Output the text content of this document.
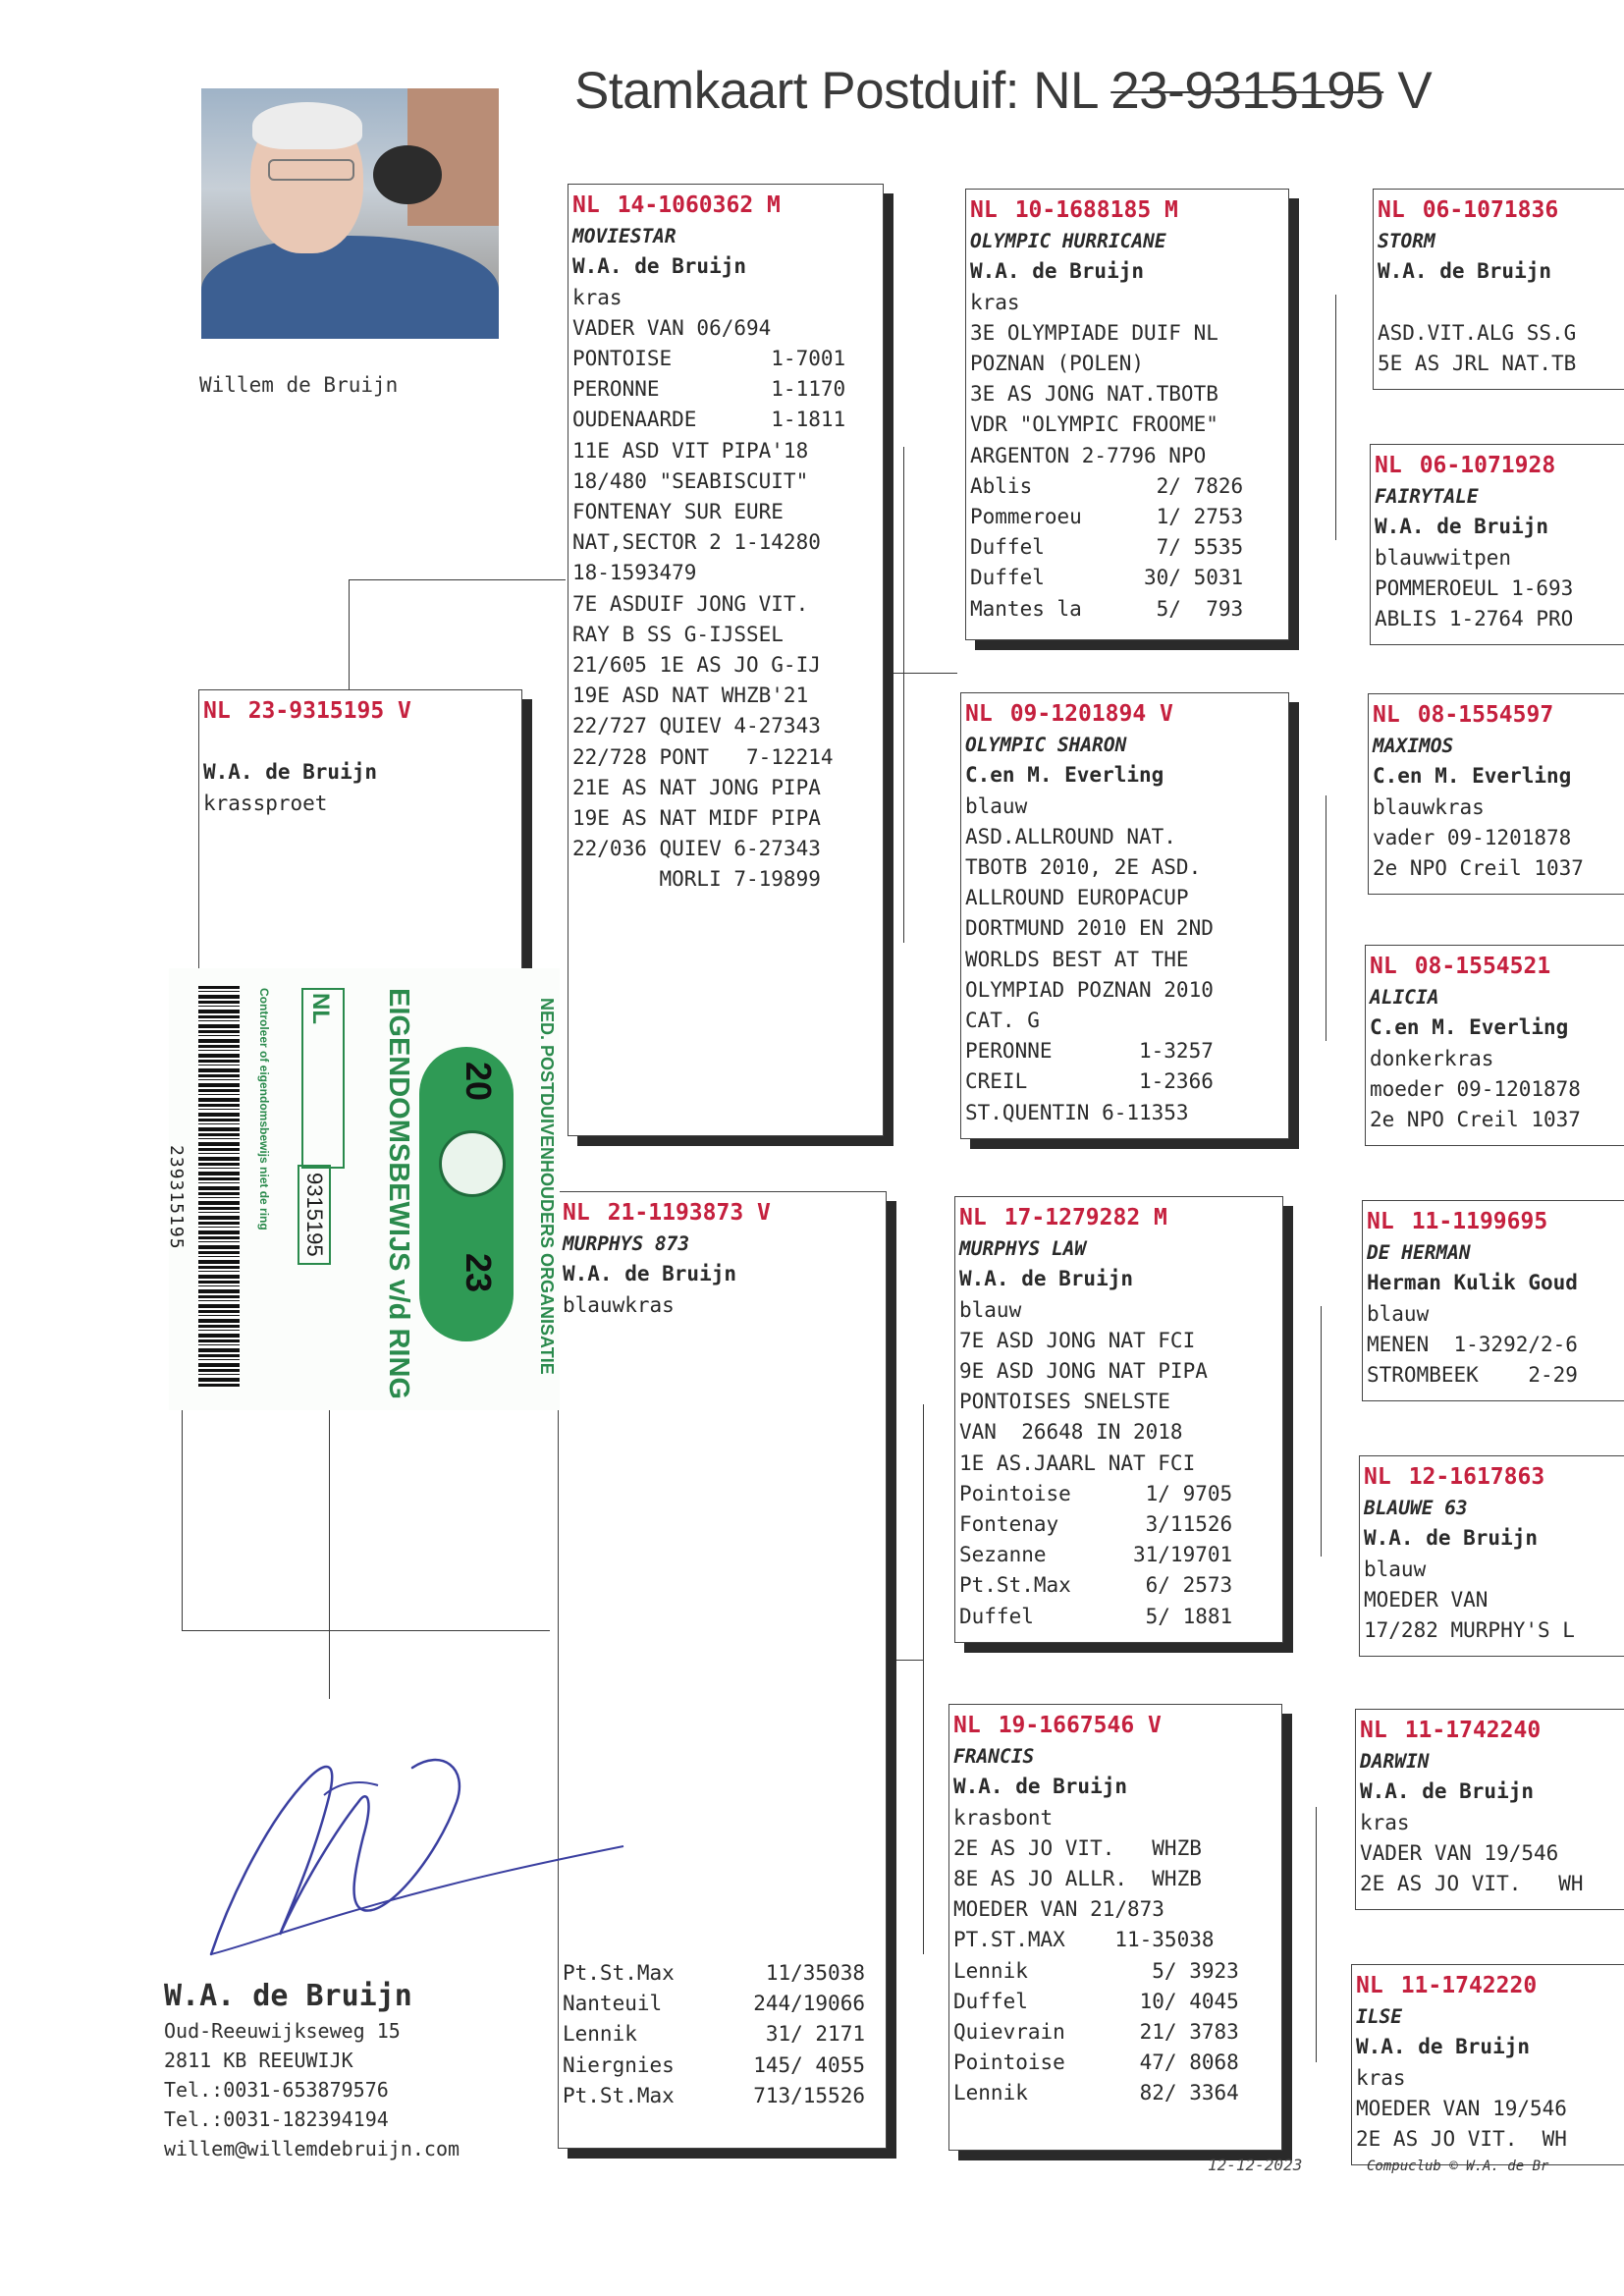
Stamkaart Postduif: NL 23-9315195 V
Willem de Bruijn
NL 23-9315195 V

W.A. de Bruijn
krassproet
NL 14-1060362 M
MOVIESTAR
W.A. de Bruijn
kras
VADER VAN 06/694
PONTOISE        1-7001
PERONNE         1-1170
OUDENAARDE      1-1811
11E ASD VIT PIPA'18
18/480 "SEABISCUIT"
FONTENAY SUR EURE
NAT,SECTOR 2 1-14280
18-1593479
7E ASDUIF JONG VIT.
RAY B SS G-IJSSEL
21/605 1E AS JO G-IJ
19E ASD NAT WHZB'21
22/727 QUIEV 4-27343
22/728 PONT   7-12214
21E AS NAT JONG PIPA
19E AS NAT MIDF PIPA
22/036 QUIEV 6-27343
MORLI 7-19899
NL 21-1193873 V
MURPHYS 873
W.A. de Bruijn
blauwkras
Pt.St.Max	11/35038
Nanteuil	244/19066
Lennik	31/ 2171
Niergnies	145/ 4055
Pt.St.Max	713/15526
NL 10-1688185 M
OLYMPIC HURRICANE
W.A. de Bruijn
kras
3E OLYMPIADE DUIF NL
POZNAN (POLEN)
3E AS JONG NAT.TBOTB
VDR "OLYMPIC FROOME"
ARGENTON 2-7796 NPO
Ablis          2/ 7826
Pommeroeu      1/ 2753
Duffel         7/ 5535
Duffel        30/ 5031
Mantes la      5/  793
NL 09-1201894 V
OLYMPIC SHARON
C.en M. Everling
blauw
ASD.ALLROUND NAT.
TBOTB 2010, 2E ASD.
ALLROUND EUROPACUP
DORTMUND 2010 EN 2ND
WORLDS BEST AT THE
OLYMPIAD POZNAN 2010
CAT. G
PERONNE       1-3257
CREIL         1-2366
ST.QUENTIN 6-11353
NL 17-1279282 M
MURPHYS LAW
W.A. de Bruijn
blauw
7E ASD JONG NAT FCI
9E ASD JONG NAT PIPA
PONTOISES SNELSTE
VAN  26648 IN 2018
1E AS.JAARL NAT FCI
Pointoise      1/ 9705
Fontenay       3/11526
Sezanne       31/19701
Pt.St.Max      6/ 2573
Duffel         5/ 1881
NL 19-1667546 V
FRANCIS
W.A. de Bruijn
krasbont
2E AS JO VIT.   WHZB
8E AS JO ALLR.  WHZB
MOEDER VAN 21/873
PT.ST.MAX    11-35038
Lennik          5/ 3923
Duffel         10/ 4045
Quievrain      21/ 3783
Pointoise      47/ 8068
Lennik         82/ 3364
NL 06-1071836
STORM
W.A. de Bruijn

ASD.VIT.ALG SS.G
5E AS JRL NAT.TB
NL 06-1071928
FAIRYTALE
W.A. de Bruijn
blauwwitpen
POMMEROEUL 1-693
ABLIS 1-2764 PRO
NL 08-1554597
MAXIMOS
C.en M. Everling
blauwkras
vader 09-1201878
2e NPO Creil 1037
NL 08-1554521
ALICIA
C.en M. Everling
donkerkras
moeder 09-1201878
2e NPO Creil 1037
NL 11-1199695
DE HERMAN
Herman Kulik Goud
blauw
MENEN  1-3292/2-6
STROMBEEK    2-29
NL 12-1617863
BLAUWE 63
W.A. de Bruijn
blauw
MOEDER VAN
17/282 MURPHY'S L
NL 11-1742240
DARWIN
W.A. de Bruijn
kras
VADER VAN 19/546
2E AS JO VIT.   WH
NL 11-1742220
ILSE
W.A. de Bruijn
kras
MOEDER VAN 19/546
2E AS JO VIT.  WH
239315195	Controleer of eigendomsbewijs niet de ring NL
9315195
20
23
EIGENDOMSBEWIJS v/d RING	NED. POSTDUIVENHOUDERS ORGANISATIE
W.A. de Bruijn
Oud-Reeuwijkseweg 15
2811 KB REEUWIJK
Tel.:0031-653879576
Tel.:0031-182394194
willem@willemdebruijn.com
12-12-2023	Compuclub © W.A. de Br
